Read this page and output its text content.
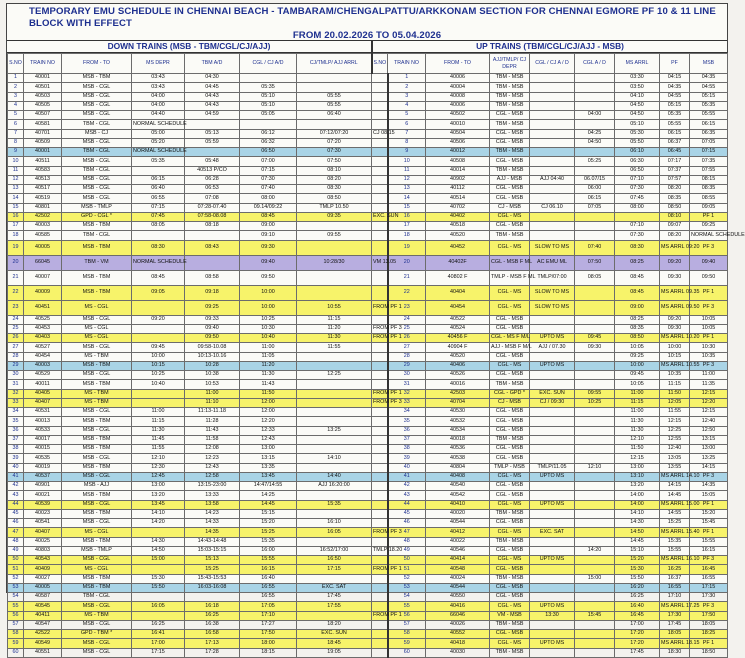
TEMPORARY EMU SCHEDULE IN CHENNAI BEACH - TAMBARAM/CHENGALPATTU/ARKKONAM SECTION FOR CHENNAI EGMORE PF 10 & 11 LINE BLOCK WITH EFFECT
FROM 20.02.2026 TO 05.04.2026
DOWN TRAINS (MSB - TBM/CGL/CJ/AJJ)	UP TRAINS (TBM/CGL/CJ/AJJ - MSB)
S.NO	TRAIN NO	FROM - TO	MS DEPR	TBM A/D	CGL / CJ A/D	CJ/TMLP/ AJJ ARRL	S.NO	TRAIN NO	FROM - TO	AJJ/TMLP/ CJ DEPR	CGL / CJ A / D	CGL A / D	MS ARRL	PF	MSB
1	40001	MSB - TBM	03:43	04:30				1	40006	TBM - MSB			03:30	04:15	04:35
2	40501	MSB - CGL	03:43	04:45	05:35			2	40004	TBM - MSB			03:50	04:35	04:55
3	40503	MSB - CGL	04:00	04:43	05:10	05:55		3	40008	TBM - MSB			04:10	04:55	05:15
4	40505	MSB - CGL	04:00	04:43	05:10	05:55		4	40006	TBM - MSB			04:50	05:15	05:35
5	40507	MSB - CGL	04:40	04:59	05:05	06:40		5	40502	CGL - MSB		04:00	04:50	05:35	05:55
6	40581	TBM - CGL	NORMAL SCHEDULE					6	40010	TBM - MSB			05:10	05:55	06:15
7	40701	MSB - CJ	05:00	05:13	06:12	07:12/07:20	CJ 08.15	7	40504	CGL - MSB		04:25	05:30	06:15	06:35
8	40509	MSB - CGL	05:20	05:59	06:32	07:20		8	40506	CGL - MSB		04:50	05:50	06:37	07:05
9	40001	TBM - CGL	NORMAL SCHEDULE		06:50	07:30		9	40012	TBM - MSB			06:10	06:45	07:15
10	40511	MSB - CGL	05:35	05:48	07:00	07:50		10	40508	CGL - MSB		05:25	06:30	07:17	07:35
11	40583	TBM - CGL		40513 P/CO	07:15	08:10		11	40014	TBM - MSB			06:50	07:37	07:55
12	40513	MSB - CGL	06:15	06:28	07:30	08:20		12	40902	AJJ - MSB	AJJ 04:40	06.07/15	07:10	07:57	08:15
13	40517	MSB - CGL	06:40	06:53	07:40	08:30		13	40112	CGL - MSB		06:00	07:30	08:20	08:35
14	40519	MSB - CGL	06:55	07:08	08:00	08:50		14	40514	CGL - MSB		06:15	07:45	08:35	08:55
15	40801	MSB - TMLP	07:15	07:28-07.40	09.14/09:22	TMLP 10.50		15	40702	CJ - MSB	CJ 06.10	07:05	08:00	08:50	09:05
16	42502	GPD - CGL *	07:45	07:58-08.08	08:45	09:35	EXC. SUN	16	40402	CGL - MS				08:10	PF 1
17	40003	MSB - TBM	08:05	08:18	09:00			17	40518	CGL - MSB			07:10	09:07	09:25
18	40585	TBM - CGL			09:10	09:55		18	40520	TBM - MSB			07:30	08:20	NORMAL SCHEDULE
19	40005	MSB - TBM	08:30	08:43	09:30			19	40452	CGL - MS	SLOW TO MS	07:40	08:30	MS ARRL 09:20	PF 3
20	66045	TBM - VM	NORMAL SCHEDULE		09:40	10:28/30	VM 13.05	20	40402F	CGL - MSB F ML	AC EMU ML	07:50	08:25	09:20	09:40
21	40007	MSB - TBM	08:45	08:58	09:50			21	40802 F	TMLP - MSB F ML	TMLP/07:00	08:05	08:45	09:30	09:50
22	40009	MSB - TBM	09:05	09:18	10:00			22	40404	CGL - MS	SLOW TO MS		08:45	MS ARRL 09.35	PF 1
23	40451	MS - CGL		09:25	10:00	10:55	FROM PF 1	23	40454	CGL - MS	SLOW TO MS		09:00	MS ARRL 09.50	PF 3
24	40525	MSB - CGL	09:20	09:33	10:25	11:15		24	40522	CGL - MSB			08:25	09:20	10:05
25	40453	MS - CGL		09:40	10:30	11:20	FROM PF 3	25	40524	CGL - MSB			08:35	09:30	10:05
26	40403	MS - CGL		09:50	10:40	11:30	FROM PF 1	26	40456 F	CGL - MS F M/L	UPTO MS	09:45	08:50	MS ARRL 10.20	PF 1
27	40527	MSB - CGL	09:45	09:58-10.08	11:00	11:55		27	40904 F	AJJ - MSB F M/L	AJJ / 07.30	09:30	10:05	10:00	10:30
28	40454	MS - TBM	10:00	10:13-10.16	11:05			28	40520	CGL - MSB			09:25	10:15	10:35
29	40003	MSB - TBM	10:15	10:28	11:20			29	40406	CGL - MS	UPTO MS		10:00	MS ARRL 10.55	PF 3
30	40529	MSB - CGL	10:25	10:38	11:30	12:25		30	40526	CGL - MSB			09:45	10:35	11:00
31	40011	MSB - TBM	10:40	10:53	11:43			31	40016	TBM - MSB			10:05	11:15	11:35
32	40405	MS - TBM		11:00	11:50		FROM PF 1	32	42503	CGL - GPD *	EXC. SUN	09:55	11:00	11:50	12:15
33	40407	MS - TBM		11:10	12:00		FROM PF 3	33	40704	CJ - MSB	CJ / 09:30	10:25	11:15	12:05	12:20
34	40531	MSB - CGL	11:00	11:13-11.18	12:00			34	40530	CGL - MSB			11:00	11:55	12:15
35	40013	MSB - TBM	11:15	11:28	12:20			35	40532	CGL - MSB			11:30	12:15	12:40
36	40533	MSB - CGL	11:30	11:43	12:33	13:25		36	40534	CGL - MSB			11:30	12:25	12:50
37	40017	MSB - TBM	11:45	11:58	12:43			37	40018	TBM - MSB			12:10	12:55	13:15
38	40015	MSB - TBM	11:55	12:08	13:00			38	40536	CGL - MSB			11:50	12:40	13:00
39	40535	MSB - CGL	12:10	12:23	13:15	14:10		39	40538	CGL - MSB			12:15	13:05	13:25
40	40019	MSB - TBM	12:30	12:43	13:35			40	40804	TMLP - MSB	TMLP/11.05	12:10	13:00	13:55	14:15
41	40537	MSB - CGL	12:45	12:58	13:45	14:40		41	40408	CGL - MS	UPTO MS		13:10	MS ARRL 14.10	PF 3
42	40901	MSB - AJJ	13:00	13:15-23:00	14:47/14:55	AJJ 16:20:00		42	40540	CGL - MSB			13:20	14:15	14:35
43	40021	MSB - TBM	13:20	13:33	14:25			43	40542	CGL - MSB			14:00	14:45	15:05
44	40539	MSB - CGL	13:45	13:58	14:45	15:35		44	40410	CGL - MS	UPTO MS		14:00	MS ARRL 15.00	PF 1
45	40023	MSB - TBM	14:10	14:23	15:15			45	40020	TBM - MSB			14:10	14:55	15:20
46	40541	MSB - CGL	14:20	14:33	15:20	16:10		46	40544	CGL - MSB			14:30	15:25	15:45
47	40407	MS - CGL		14:35	15:25	16:05	FROM PF 3	47	40412	CGL - MS	EXC. SAT		14:50	MS ARRL 15.40	PF 1
48	40025	MSB - TBM	14:30	14:43-14:48	15:35			48	40022	TBM - MSB			14:45	15:35	15:55
49	40803	MSB - TMLP	14:50	15:03-15:15	16:00	16:52/17:00	TMLP 18.20	49	40546	CGL - MSB		14:20	15:10	15:55	16:15
50	40543	MSB - CGL	15:00	15:13	15:55	16:50		50	40414	CGL - MS	UPTO MS		15:20	MS ARRL 16.10	PF 3
51	40409	MS - CGL		15:25	16:15	17:15	FROM PF 1	51	40548	CGL - MSB			15:30	16:25	16:45
52	40027	MSB - TBM	15:30	15:43-15:53	16:40			52	40024	TBM - MSB		15:00	15:50	16:37	16:55
53	40005	MSB - TBM	15:50	16:03-16:08	16:55	EXC. SAT		53	40544	CGL - MSB			16:20	16:55	17:15
54	40587	TBM - CGL			16:55	17:45		54	40550	CGL - MSB			16:25	17:10	17:30
55	40545	MSB - CGL	16:05	16:18	17:05	17:55		55	40416	CGL - MS	UPTO MS		16:40	MS ARRL 17.25	PF 3
56	40411	MS - TBM		16:25	17:10		FROM PF 1	56	66046	VM - MSB	13:30	15:45	16:45	17:30	17:50
57	40547	MSB - CGL	16:25	16:38	17:27	18:20		57	40026	TBM - MSB			17:00	17:45	18:05
58	42522	GPD - TBM *	16:41	16:58	17:50	EXC. SUN		58	40552	CGL - MSB			17:20	18:05	18:25
59	40549	MSB - CGL	17:00	17:13	18:00	18:45		59	40418	CGL - MS	UPTO MS		17:20	MS ARRL 18.15	PF 1
60	40551	MSB - CGL	17:15	17:28	18:15	19:05		60	40030	TBM - MSB			17:45	18:30	18:50
